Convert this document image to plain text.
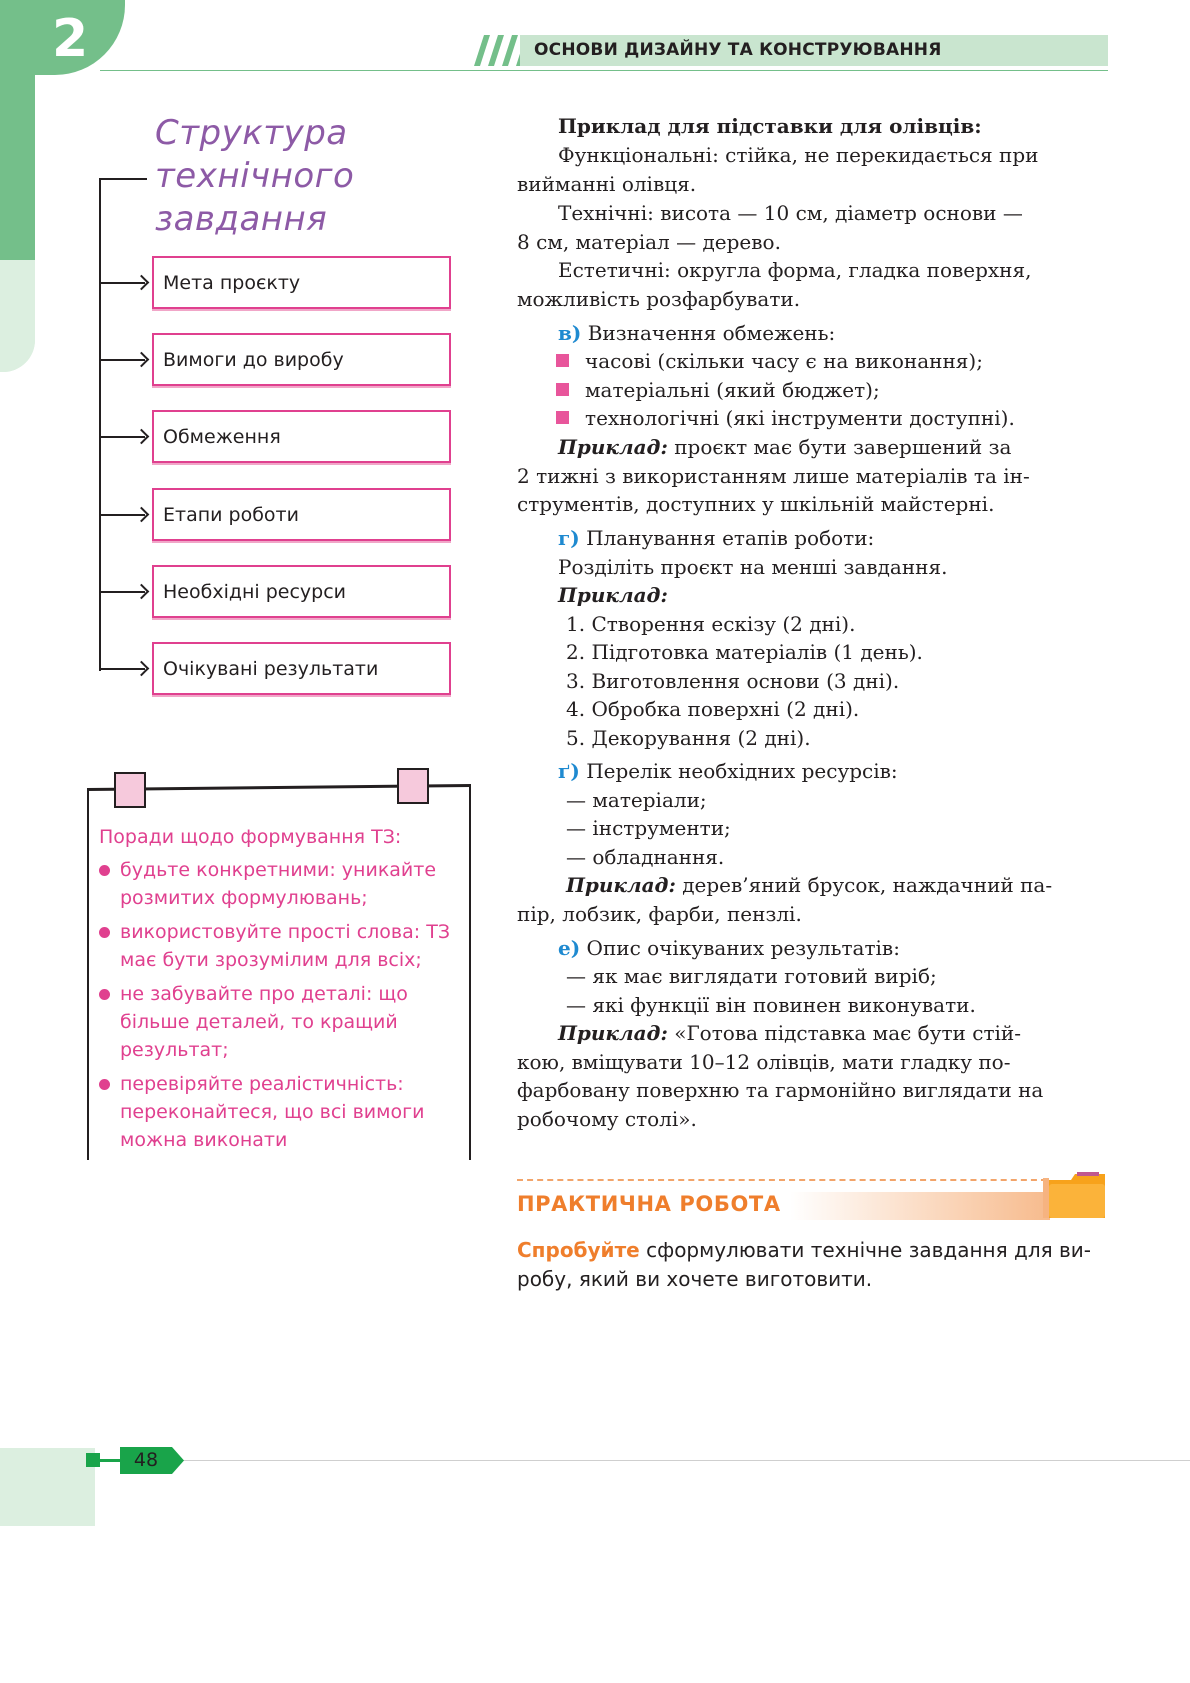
2	ОСНОВИ ДИЗАЙНУ ТА КОНСТРУЮВАННЯ
Структура
технічного
завдання
Мета проєкту
Вимоги до виробу
Обмеження
Етапи роботи
Необхідні ресурси
Очікувані результати
Поради щодо формування ТЗ:
будьте конкретними: уникайте
розмитих формулювань;
використовуйте прості слова: ТЗ
має бути зрозумілим для всіх;
не забувайте про деталі: що
більше деталей, то кращий
результат;
перевіряйте реалістичність:
переконайтеся, що всі вимоги
можна виконати
Приклад для підставки для олівців:
Функціональні: стійка, не перекидається при
вийманні олівця.
Технічні: висота — 10 см, діаметр основи —
8 см, матеріал — дерево.
Естетичні: округла форма, гладка поверхня,
можливість розфарбувати.
в) Визначення обмежень:
часові (скільки часу є на виконання);
матеріальні (який бюджет);
технологічні (які інструменти доступні).
Приклад: проєкт має бути завершений за
2 тижні з використанням лише матеріалів та ін-
струментів, доступних у шкільній майстерні.
г) Планування етапів роботи:
Розділіть проєкт на менші завдання.
Приклад:
1. Створення ескізу (2 дні).
2. Підготовка матеріалів (1 день).
3. Виготовлення основи (3 дні).
4. Обробка поверхні (2 дні).
5. Декорування (2 дні).
ґ) Перелік необхідних ресурсів:
— матеріали;
— інструменти;
— обладнання.
Приклад: дерев’яний брусок, наждачний па-
пір, лобзик, фарби, пензлі.
е) Опис очікуваних результатів:
— як має виглядати готовий виріб;
— які функції він повинен виконувати.
Приклад: «Готова підставка має бути стій-
кою, вміщувати 10–12 олівців, мати гладку по-
фарбовану поверхню та гармонійно виглядати на
робочому столі».
ПРАКТИЧНА РОБОТА
Спробуйте сформулювати технічне завдання для ви-
робу, який ви хочете виготовити.
48
